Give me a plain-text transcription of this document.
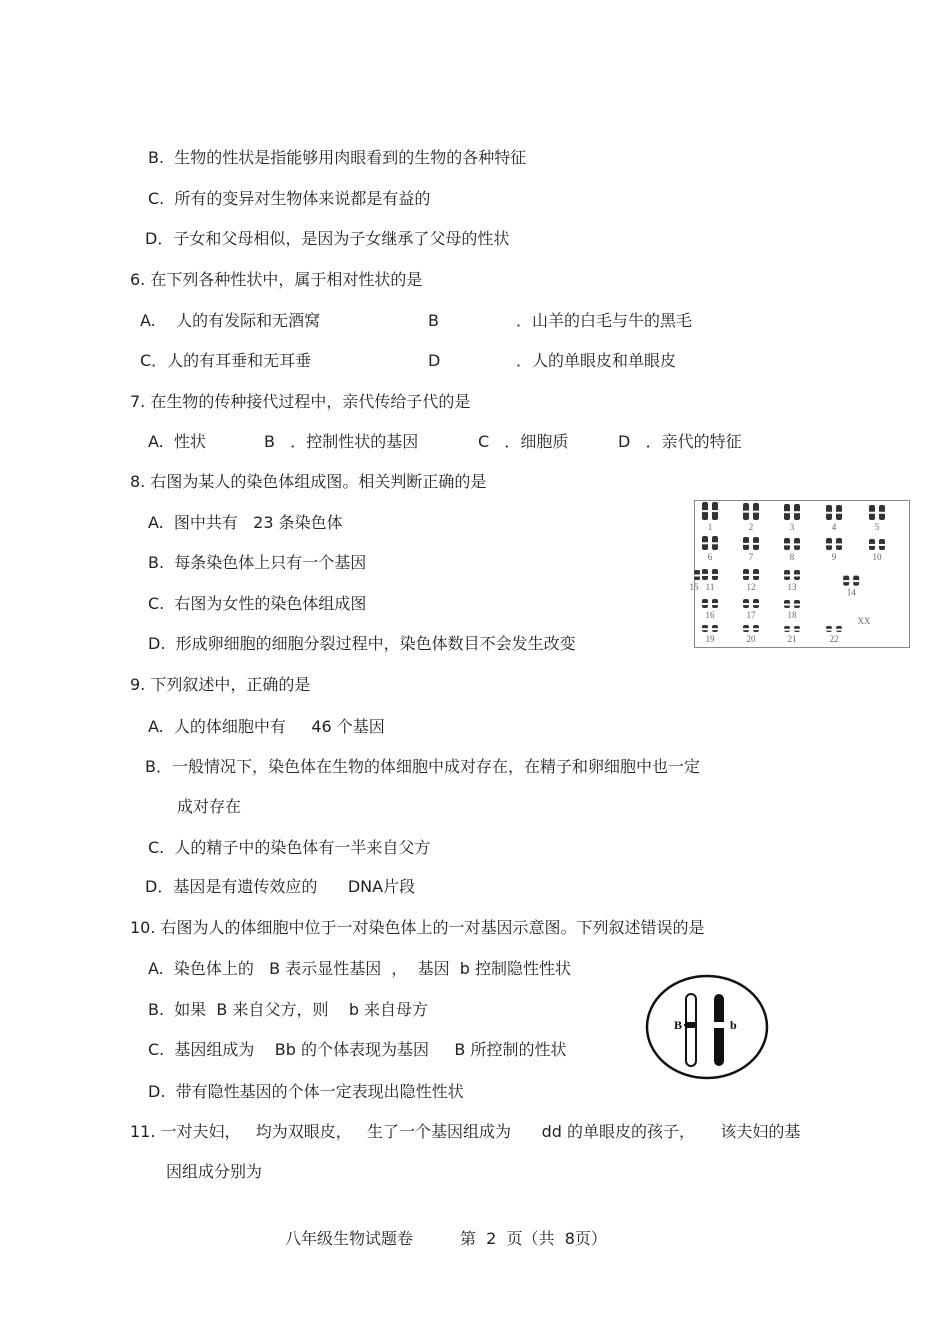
B.  生物的性状是指能够用肉眼看到的生物的各种特征
C.  所有的变异对生物体来说都是有益的
D．子女和父母相似，是因为子女继承了父母的性状
6. 在下列各种性状中，属于相对性状的是
A.    人的有发际和无酒窝	B	．山羊的白毛与牛的黑毛
C．人的有耳垂和无耳垂	D	．人的单眼皮和单眼皮
7. 在生物的传种接代过程中，亲代传给子代的是
A.  性状	B   ．控制性状的基因	C   ．细胞质	D   ．亲代的特征
8. 右图为某人的染色体组成图。相关判断正确的是
A.  图中共有   23 条染色体
B.  每条染色体上只有一个基因
C.  右图为女性的染色体组成图
D.  形成卵细胞的细胞分裂过程中，染色体数目不会发生改变
1	2	3	4	5
6	7	8	9	10
11	12	13
14
15
16	17	18
19	20	21	22
XX
9. 下列叙述中，正确的是
A.  人的体细胞中有     46 个基因
B．一般情况下，染色体在生物的体细胞中成对存在，在精子和卵细胞中也一定
成对存在
C.  人的精子中的染色体有一半来自父方
D．基因是有遗传效应的      DNA片段
10. 右图为人的体细胞中位于一对染色体上的一对基因示意图。下列叙述错误的是
A.  染色体上的   B 表示显性基因  ，  基因  b 控制隐性性状
B.  如果  B 来自父方，则    b 来自母方
C.  基因组成为    Bb 的个体表现为基因     B 所控制的性状
D.  带有隐性基因的个体一定表现出隐性性状
B	b
11. 一对夫妇，   均为双眼皮，   生了一个基因组成为      dd 的单眼皮的孩子，     该夫妇的基
因组成分别为
八年级生物试题卷	第  2  页（共  8页）
